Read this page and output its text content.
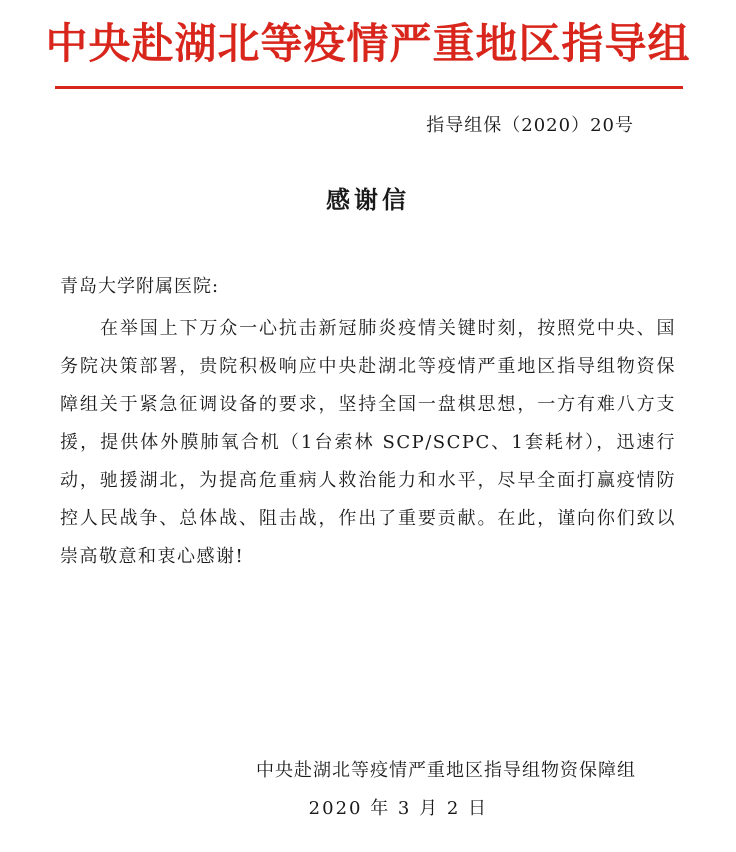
中央赴湖北等疫情严重地区指导组
指导组保（2020）20号
感谢信
青岛大学附属医院:

在举国上下万众一心抗击新冠肺炎疫情关键时刻，按照党中央、国务院决策部署，贵院积极响应中央赴湖北等疫情严重地区指导组物资保障组关于紧急征调设备的要求，坚持全国一盘棋思想，一方有难八方支援，提供体外膜肺氧合机（1台索林 SCP/SCPC、1套耗材），迅速行动，驰援湖北，为提高危重病人救治能力和水平，尽早全面打赢疫情防控人民战争、总体战、阻击战，作出了重要贡献。在此，谨向你们致以崇高敬意和衷心感谢!

中央赴湖北等疫情严重地区指导组物资保障组
2020 年 3 月 2 日
